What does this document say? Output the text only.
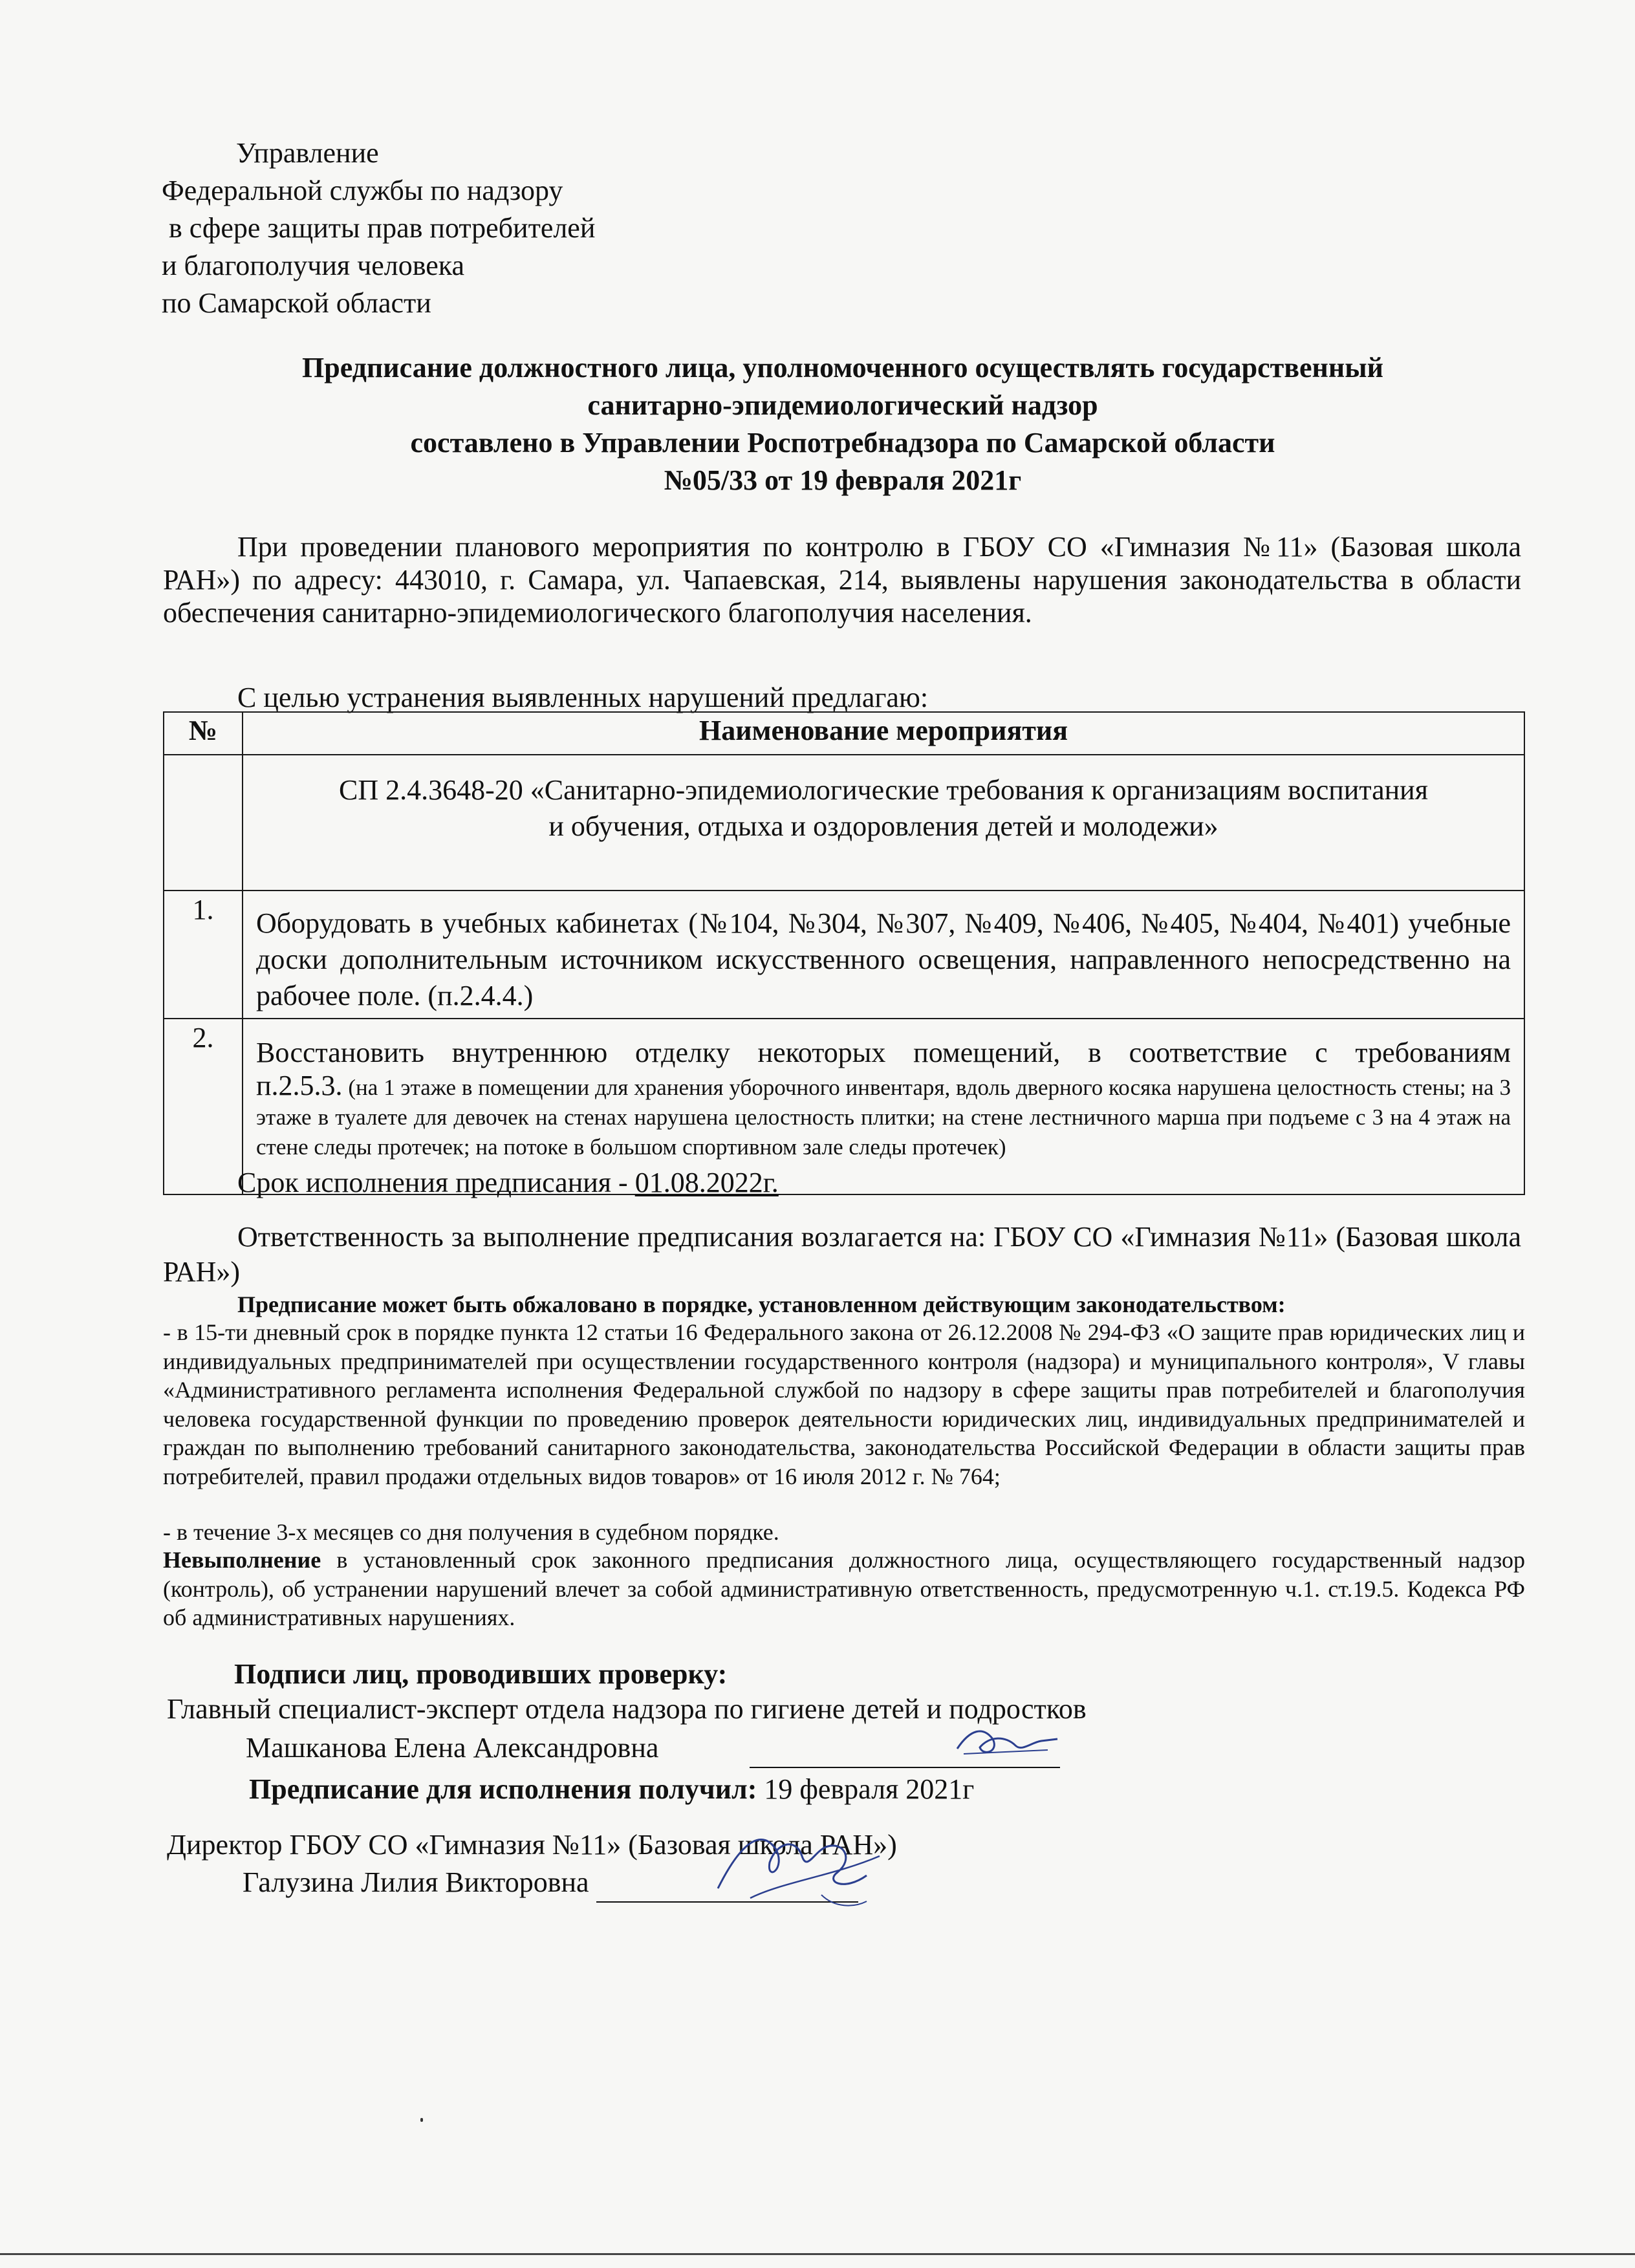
Управление
Федеральной службы по надзору
в сфере защиты прав потребителей
и благополучия человека
по Самарской области
Предписание должностного лица, уполномоченного осуществлять государственный
санитарно-эпидемиологический надзор
составлено в Управлении Роспотребнадзора по Самарской области
№05/33 от 19 февраля 2021г
При проведении планового мероприятия по контролю в ГБОУ СО «Гимназия №11» (Базовая школа РАН») по адресу: 443010, г. Самара, ул. Чапаевская, 214, выявлены нарушения законодательства в области обеспечения санитарно-эпидемиологического благополучия населения.
С целью устранения выявленных нарушений предлагаю:
№	Наименование мероприятия

	СП 2.4.3648-20 «Санитарно-эпидемиологические требования к организациям воспитания
и обучения, отдыха и оздоровления детей и молодежи»

1.	Оборудовать в учебных кабинетах (№104, №304, №307, №409, №406, №405, №404, №401) учебные доски дополнительным источником искусственного освещения, направленного непосредственно на рабочее поле. (п.2.4.4.)

2.	Восстановить внутреннюю отделку некоторых помещений, в соответствие с требованиям
п.2.5.3. (на 1 этаже в помещении для хранения уборочного инвентаря, вдоль дверного косяка нарушена целостность стены; на 3 этаже в туалете для девочек на стенах нарушена целостность плитки; на стене лестничного марша при подъеме с 3 на 4 этаж на стене следы протечек; на потоке в большом спортивном зале следы протечек)
Срок исполнения предписания - 01.08.2022г.
Ответственность за выполнение предписания возлагается на: ГБОУ СО «Гимназия №11» (Базовая школа РАН»)
Предписание может быть обжаловано в порядке, установленном действующим законодательством:
- в 15-ти дневный срок в порядке пункта 12 статьи 16 Федерального закона от 26.12.2008 № 294-ФЗ «О защите прав юридических лиц и индивидуальных предпринимателей при осуществлении государственного контроля (надзора) и муниципального контроля», V главы «Административного регламента исполнения Федеральной службой по надзору в сфере защиты прав потребителей и благополучия человека государственной функции по проведению проверок деятельности юридических лиц, индивидуальных предпринимателей и граждан по выполнению требований санитарного законодательства, законодательства Российской Федерации в области защиты прав потребителей, правил продажи отдельных видов товаров» от 16 июля 2012 г. № 764;
- в течение 3-х месяцев со дня получения в судебном порядке.
Невыполнение в установленный срок законного предписания должностного лица, осуществляющего государственный надзор (контроль), об устранении нарушений влечет за собой административную ответственность, предусмотренную ч.1. ст.19.5. Кодекса РФ об административных нарушениях.
Подписи лиц, проводивших проверку:
Главный специалист-эксперт отдела надзора по гигиене детей и подростков
Машканова Елена Александровна
Предписание для исполнения получил: 19 февраля 2021г
Директор ГБОУ СО «Гимназия №11» (Базовая школа РАН»)
Галузина Лилия Викторовна
